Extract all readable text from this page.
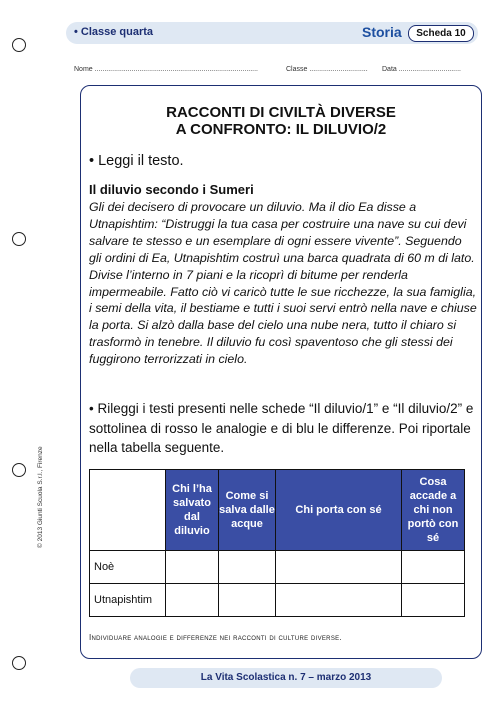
• Classe quarta	Storia	Scheda 10
Nome ....................................................................................	Classe .............................. Data ................................
RACCONTI DI CIVILTÀ DIVERSE
A CONFRONTO: IL DILUVIO/2
• Leggi il testo.
Il diluvio secondo i Sumeri
Gli dei decisero di provocare un diluvio. Ma il dio Ea disse a Utnapishtim: “Distruggi la tua casa per costruire una nave su cui devi salvare te stesso e un esemplare di ogni essere vivente”. Seguendo gli ordini di Ea, Utnapishtim costruì una barca quadrata di 60 m di lato. Divise l’interno in 7 piani e la ricoprì di bitume per renderla impermeabile. Fatto ciò vi caricò tutte le sue ricchezze, la sua famiglia, i semi della vita, il bestiame e tutti i suoi servi entrò nella nave e chiuse la porta. Si alzò dalla base del cielo una nube nera, tutto il chiaro si trasformò in tenebre. Il diluvio fu così spaventoso che gli stessi dei fuggirono terrorizzati in cielo.
• Rileggi i testi presenti nelle schede “Il diluvio/1” e “Il diluvio/2” e sottolinea di rosso le analogie e di blu le differenze. Poi riportale nella tabella seguente.
	Chi l’ha salvato dal diluvio	Come si salva dalle acque	Chi porta con sé	Cosa accade a chi non portò con sé
Noè				
Utnapishtim				
Individuare analogie e differenze nei racconti di culture diverse.
© 2013 Giunti Scuola S.r.l., Firenze
La Vita Scolastica n. 7 – marzo 2013
